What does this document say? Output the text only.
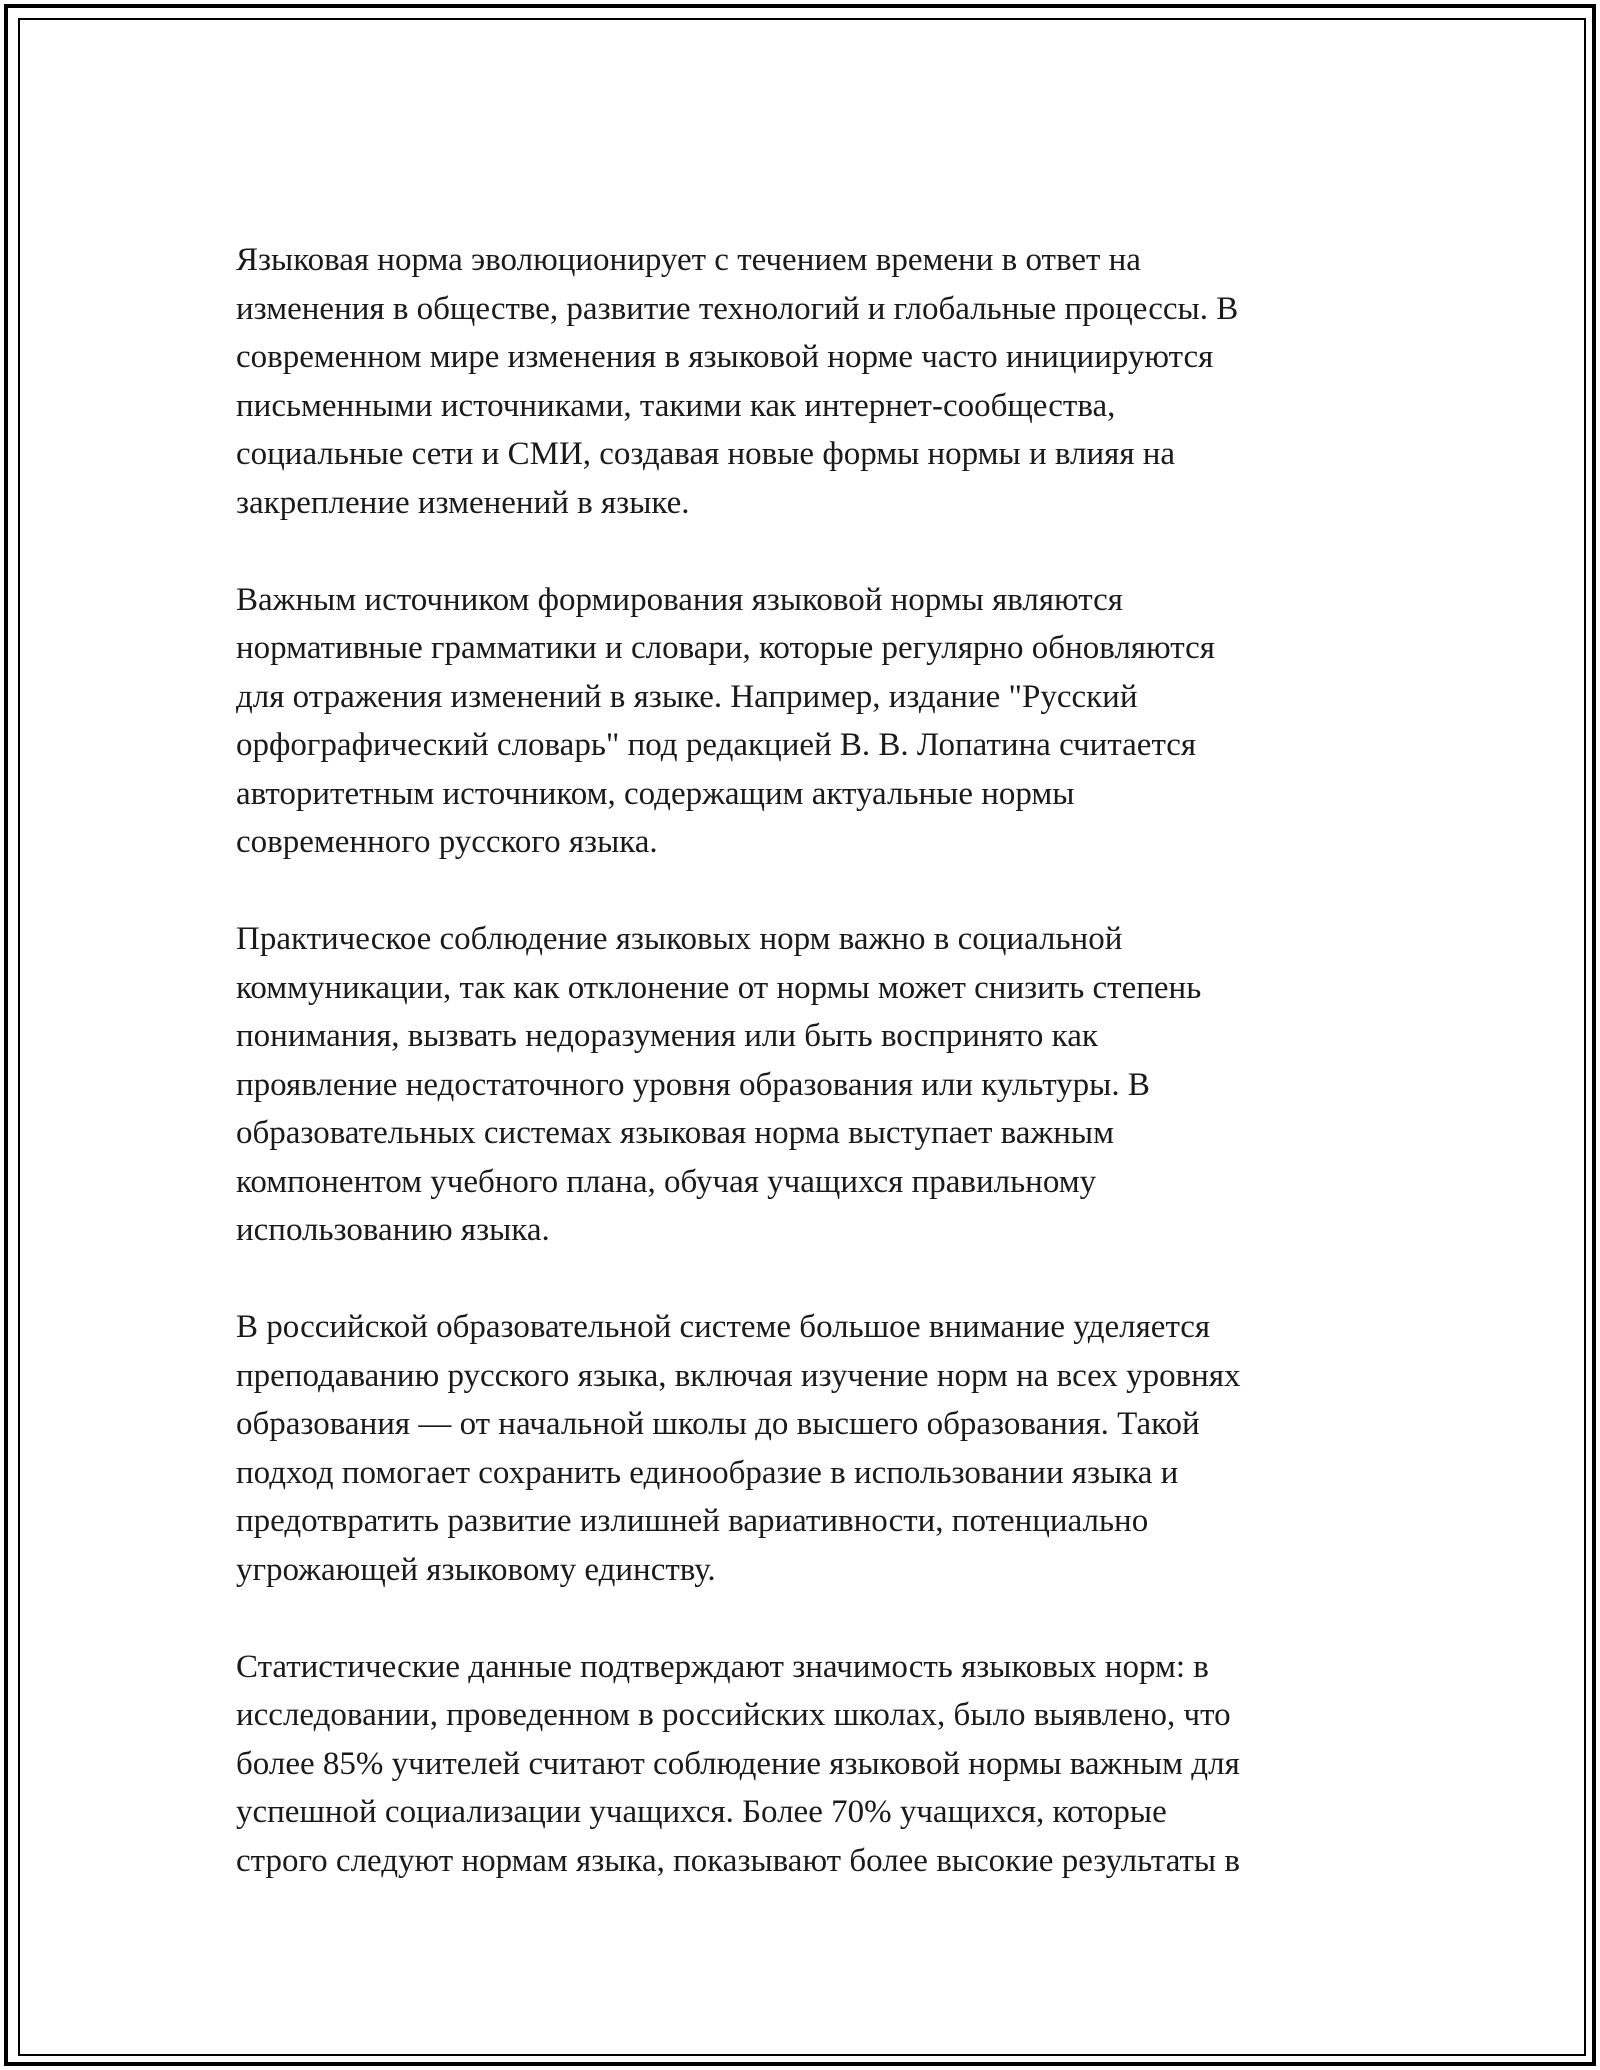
Языковая норма эволюционирует с течением времени в ответ на
изменения в обществе, развитие технологий и глобальные процессы. В
современном мире изменения в языковой норме часто инициируются
письменными источниками, такими как интернет-сообщества,
социальные сети и СМИ, создавая новые формы нормы и влияя на
закрепление изменений в языке.

Важным источником формирования языковой нормы являются
нормативные грамматики и словари, которые регулярно обновляются
для отражения изменений в языке. Например, издание "Русский
орфографический словарь" под редакцией В. В. Лопатина считается
авторитетным источником, содержащим актуальные нормы
современного русского языка.

Практическое соблюдение языковых норм важно в социальной
коммуникации, так как отклонение от нормы может снизить степень
понимания, вызвать недоразумения или быть воспринято как
проявление недостаточного уровня образования или культуры. В
образовательных системах языковая норма выступает важным
компонентом учебного плана, обучая учащихся правильному
использованию языка.

В российской образовательной системе большое внимание уделяется
преподаванию русского языка, включая изучение норм на всех уровнях
образования — от начальной школы до высшего образования. Такой
подход помогает сохранить единообразие в использовании языка и
предотвратить развитие излишней вариативности, потенциально
угрожающей языковому единству.

Статистические данные подтверждают значимость языковых норм: в
исследовании, проведенном в российских школах, было выявлено, что
более 85% учителей считают соблюдение языковой нормы важным для
успешной социализации учащихся. Более 70% учащихся, которые
строго следуют нормам языка, показывают более высокие результаты в
